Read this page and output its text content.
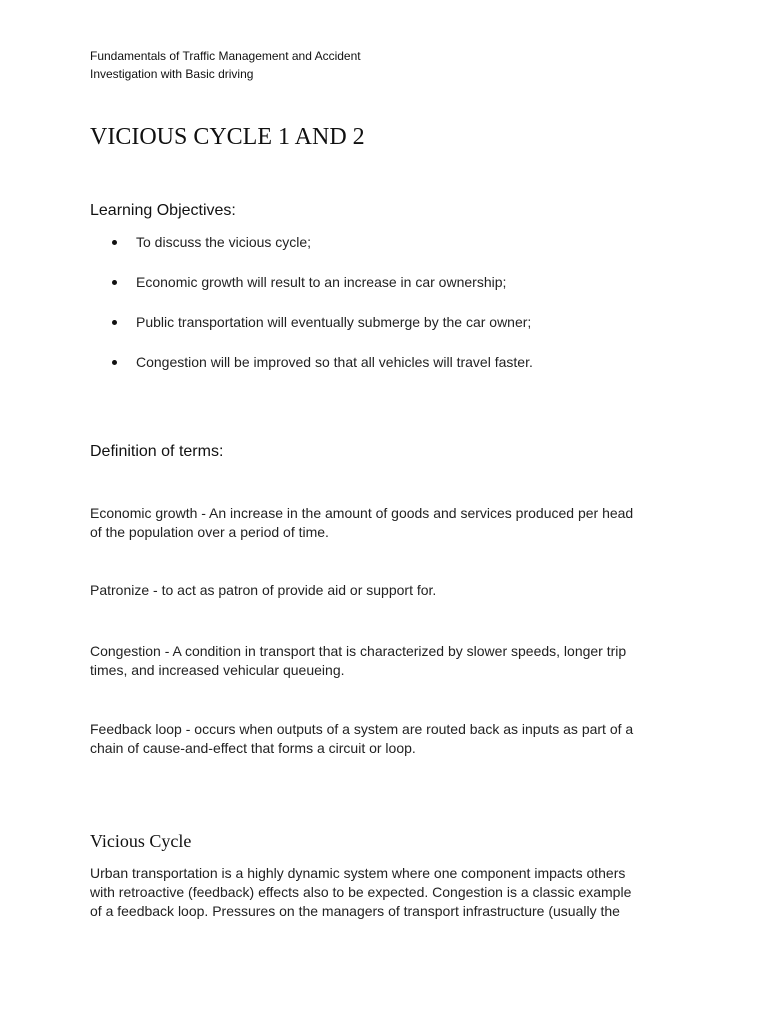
Fundamentals of Traffic Management and Accident
Investigation with Basic driving
VICIOUS CYCLE 1 AND 2
Learning Objectives:
To discuss the vicious cycle;
Economic growth will result to an increase in car ownership;
Public transportation will eventually submerge by the car owner;
Congestion will be improved so that all vehicles will travel faster.
Definition of terms:

Economic growth - An increase in the amount of goods and services produced per head
of the population over a period of time.

Patronize - to act as patron of provide aid or support for.

Congestion - A condition in transport that is characterized by slower speeds, longer trip
times, and increased vehicular queueing.

Feedback loop - occurs when outputs of a system are routed back as inputs as part of a
chain of cause-and-effect that forms a circuit or loop.

Vicious Cycle

Urban transportation is a highly dynamic system where one component impacts others
with retroactive (feedback) effects also to be expected. Congestion is a classic example
of a feedback loop. Pressures on the managers of transport infrastructure (usually the
